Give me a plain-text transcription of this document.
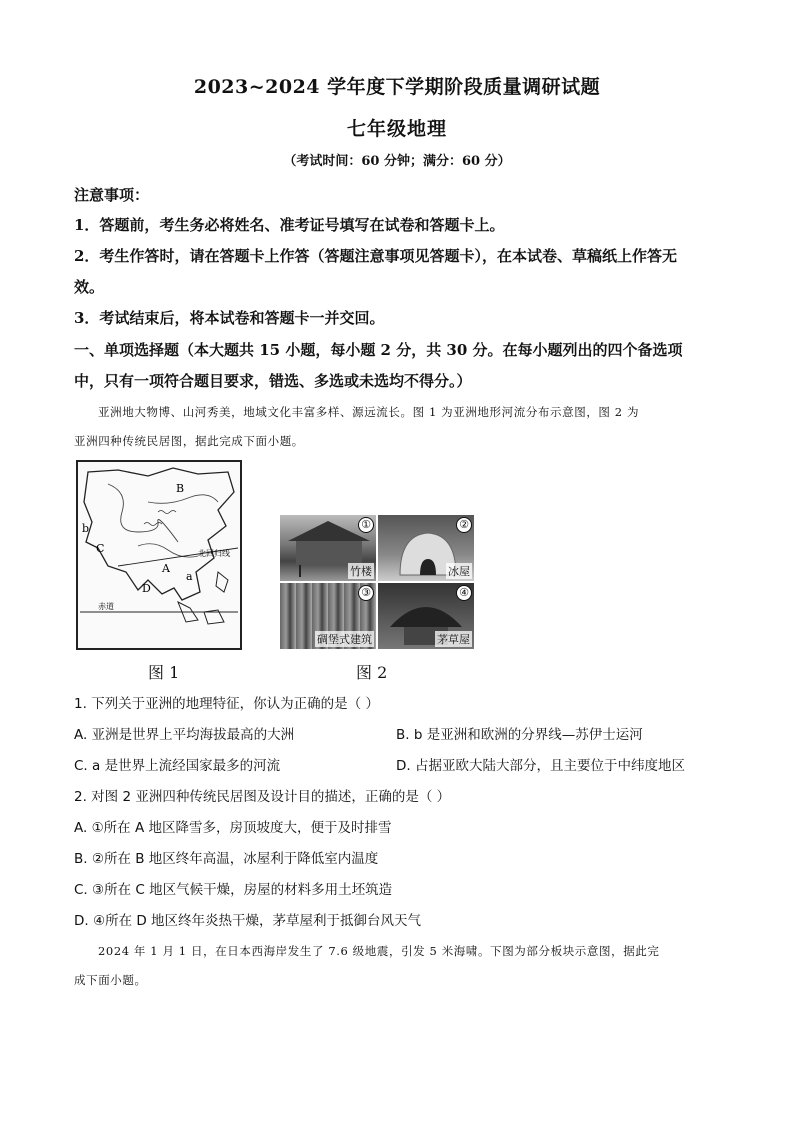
2023~2024 学年度下学期阶段质量调研试题
七年级地理
（考试时间：60 分钟；满分：60 分）
注意事项：
1．答题前，考生务必将姓名、准考证号填写在试卷和答题卡上。
2．考生作答时，请在答题卡上作答（答题注意事项见答题卡），在本试卷、草稿纸上作答无
效。
3．考试结束后，将本试卷和答题卡一并交回。
一、单项选择题（本大题共 15 小题，每小题 2 分，共 30 分。在每小题列出的四个备选项
中，只有一项符合题目要求，错选、多选或未选均不得分。）
亚洲地大物博、山河秀美，地域文化丰富多样、源远流长。图 1 为亚洲地形河流分布示意图，图 2 为
亚洲四种传统民居图，据此完成下面小题。
B
C
b
D
a
A
北回归线
赤道
图 1
①
竹楼
②
冰屋
③
碉堡式建筑
④
茅草屋
图 2
1. 下列关于亚洲的地理特征，你认为正确的是（ ）
A. 亚洲是世界上平均海拔最高的大洲	B. b 是亚洲和欧洲的分界线—苏伊士运河
C. a 是世界上流经国家最多的河流	D. 占据亚欧大陆大部分，且主要位于中纬度地区
2. 对图 2 亚洲四种传统民居图及设计目的描述，正确的是（ ）
A. ①所在 A 地区降雪多，房顶坡度大，便于及时排雪
B. ②所在 B 地区终年高温，冰屋利于降低室内温度
C. ③所在 C 地区气候干燥，房屋的材料多用土坯筑造
D. ④所在 D 地区终年炎热干燥，茅草屋利于抵御台风天气
2024 年 1 月 1 日，在日本西海岸发生了 7.6 级地震，引发 5 米海啸。下图为部分板块示意图，据此完
成下面小题。
